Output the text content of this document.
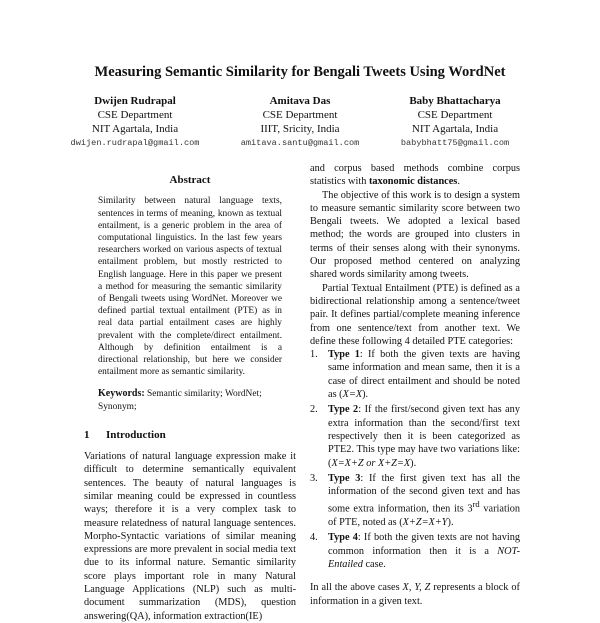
Measuring Semantic Similarity for Bengali Tweets Using WordNet
Dwijen Rudrapal
CSE Department
NIT Agartala, India
dwijen.rudrapal@gmail.com
Amitava Das
CSE Department
IIIT, Sricity, India
amitava.santu@gmail.com
Baby Bhattacharya
CSE Department
NIT Agartala, India
babybhatt75@gmail.com
Abstract
Similarity between natural language texts, sentences in terms of meaning, known as textual entailment, is a generic problem in the area of computational linguistics. In the last few years researchers worked on various aspects of textual entailment problem, but mostly restricted to English language. Here in this paper we present a method for measuring the semantic similarity of Bengali tweets using WordNet. Moreover we defined partial textual entailment (PTE) as in real data partial entailment cases are highly prevalent with the complete/direct entailment. Although by definition entailment is a directional relationship, but here we consider entailment more as semantic similarity.
Keywords: Semantic similarity; WordNet; Synonym;
1 Introduction

Variations of natural language expression make it difficult to determine semantically equivalent sentences. The beauty of natural languages is similar meaning could be expressed in countless ways; therefore it is a very complex task to measure relatedness of natural language sentences. Morpho-Syntactic variations of similar meaning expressions are more prevalent in social media text due to its informal nature. Semantic similarity score plays important role in many Natural Language Applications (NLP) such as multi-document summarization (MDS), question answering(QA), information extraction(IE)

and corpus based methods combine corpus statistics with taxonomic distances.

The objective of this work is to design a system to measure semantic similarity score between two Bengali tweets. We adopted a lexical based method; the words are grouped into clusters in terms of their senses along with their synonyms. Our proposed method centered on analyzing shared words similarity among tweets.

Partial Textual Entailment (PTE) is defined as a bidirectional relationship among a sentence/tweet pair. It defines partial/complete meaning inference from one sentence/text from another text. We define these following 4 detailed PTE categories:

1. Type 1: If both the given texts are having same information and mean same, then it is a case of direct entailment and should be noted as (X=X).
2. Type 2: If the first/second given text has any extra information than the second/first text respectively then it is been categorized as PTE2. This type may have two variations like: (X=X+Z or X+Z=X).
3. Type 3: If the first given text has all the information of the second given text and has some extra information, then its 3rd variation of PTE, noted as (X+Z=X+Y).
4. Type 4: If both the given texts are not having common information then it is a NOT-Entailed case.

In all the above cases X, Y, Z represents a block of information in a given text.
